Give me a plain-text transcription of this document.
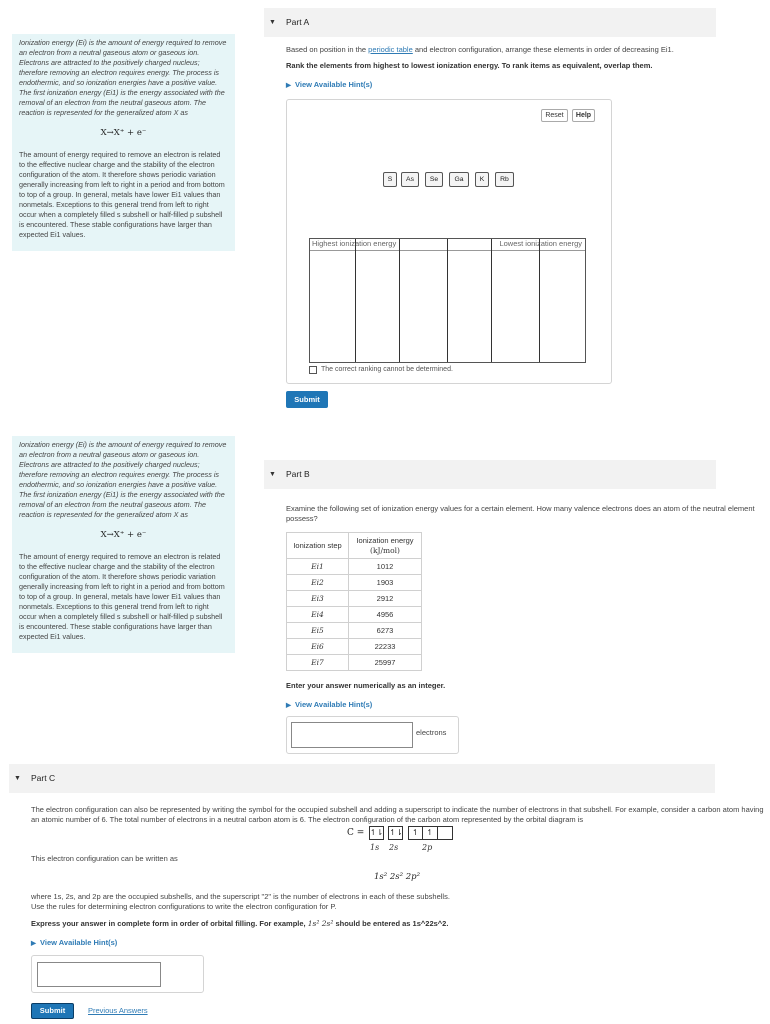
Ionization energy (Ei) is the amount of energy required to remove an electron from a neutral gaseous atom or gaseous ion. Electrons are attracted to the positively charged nucleus; therefore removing an electron requires energy. The process is endothermic, and so ionization energies have a positive value. The first ionization energy (Ei1) is the energy associated with the removal of an electron from the neutral gaseous atom. The reaction is represented for the generalized atom X as

X→X⁺ + e⁻

The amount of energy required to remove an electron is related to the effective nuclear charge and the stability of the electron configuration of the atom. It therefore shows periodic variation generally increasing from left to right in a period and from bottom to top of a group. In general, metals have lower Ei1 values than nonmetals. Exceptions to this general trend from left to right occur when a completely filled s subshell or half-filled p subshell is encountered. These stable configurations have larger than expected Ei1 values.

Ionization energy (Ei) is the amount of energy required to remove an electron from a neutral gaseous atom or gaseous ion. Electrons are attracted to the positively charged nucleus; therefore removing an electron requires energy. The process is endothermic, and so ionization energies have a positive value. The first ionization energy (Ei1) is the energy associated with the removal of an electron from the neutral gaseous atom. The reaction is represented for the generalized atom X as

X→X⁺ + e⁻

The amount of energy required to remove an electron is related to the effective nuclear charge and the stability of the electron configuration of the atom. It therefore shows periodic variation generally increasing from left to right in a period and from bottom to top of a group. In general, metals have lower Ei1 values than nonmetals. Exceptions to this general trend from left to right occur when a completely filled s subshell or half-filled p subshell is encountered. These stable configurations have larger than expected Ei1 values.

▼ Part A
Based on position in the periodic table and electron configuration, arrange these elements in order of decreasing Ei1.
Rank the elements from highest to lowest ionization energy. To rank items as equivalent, overlap them.
▶ View Available Hint(s)
Reset	Help
S	As	Se	Ga	K	Rb
Highest ionization energy	Lowest ionization energy
The correct ranking cannot be determined.
Submit
▼ Part B
Examine the following set of ionization energy values for a certain element. How many valence electrons does an atom of the neutral element possess?
Ionization step	Ionization energy
(kJ/mol)
Ei1	1012
Ei2	1903
Ei3	2912
Ei4	4956
Ei5	6273
Ei6	22233
Ei7	25997
Enter your answer numerically as an integer.
▶ View Available Hint(s)
electrons
▼ Part C
The electron configuration can also be represented by writing the symbol for the occupied subshell and adding a superscript to indicate the number of electrons in that subshell. For example, consider a carbon atom having an atomic number of 6. The total number of electrons in a neutral carbon atom is 6. The electron configuration of the carbon atom represented by the orbital diagram is
C = ↿⇂ ↿⇂ ↿ ↿
1s 2s	2p
This electron configuration can be written as
1s² 2s² 2p²
where 1s, 2s, and 2p are the occupied subshells, and the superscript "2" is the number of electrons in each of these subshells.
Use the rules for determining electron configurations to write the electron configuration for P.
Express your answer in complete form in order of orbital filling. For example, 1s² 2s² should be entered as 1s^22s^2.
▶ View Available Hint(s)
Submit	Previous Answers
